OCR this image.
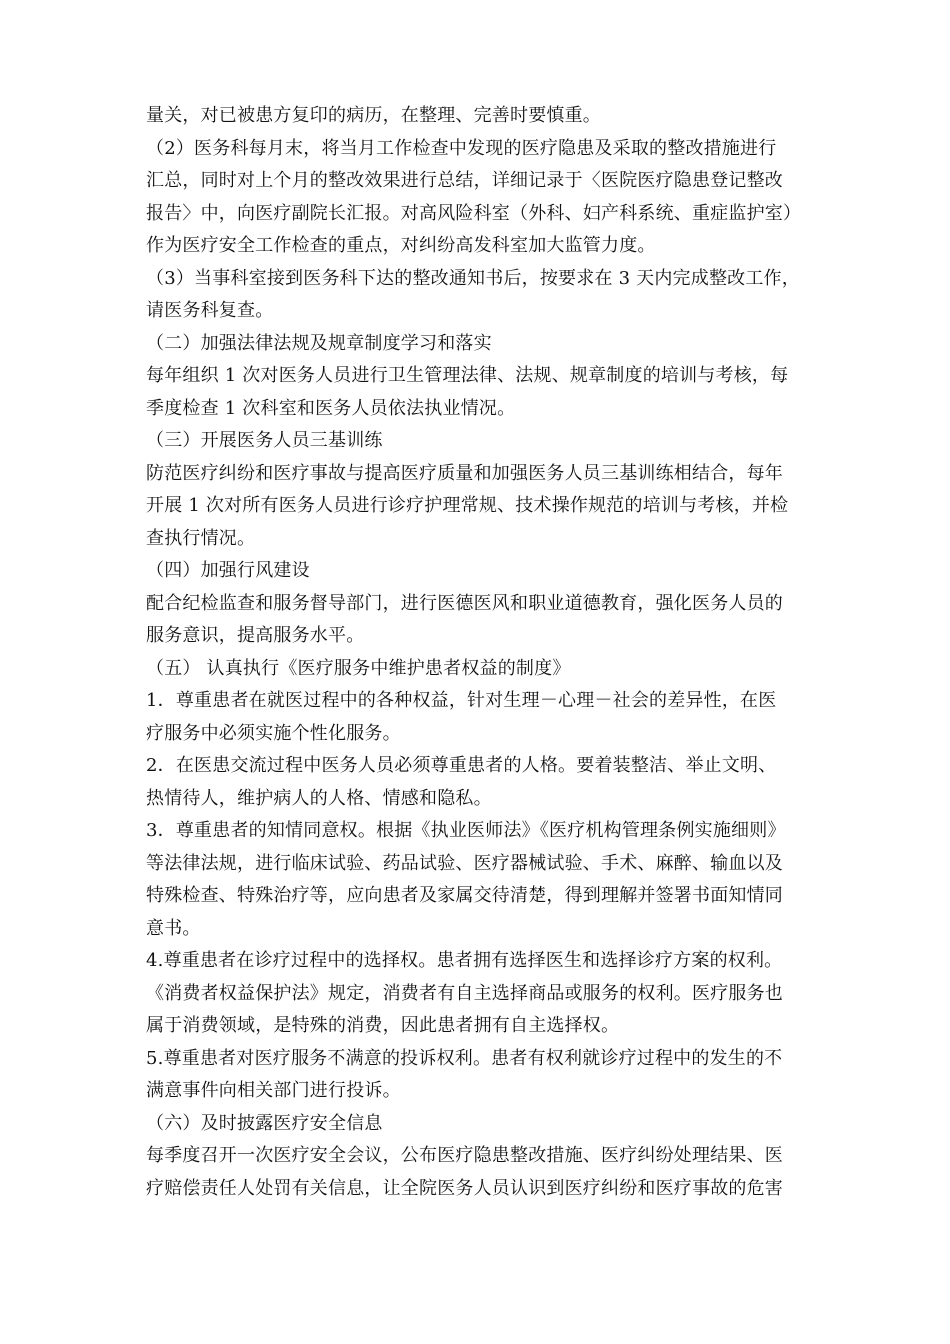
量关，对已被患方复印的病历，在整理、完善时要慎重。
（2）医务科每月末，将当月工作检查中发现的医疗隐患及采取的整改措施进行
汇总，同时对上个月的整改效果进行总结，详细记录于〈医院医疗隐患登记整改
报告〉中，向医疗副院长汇报。对高风险科室（外科、妇产科系统、重症监护室）
作为医疗安全工作检查的重点，对纠纷高发科室加大监管力度。
（3）当事科室接到医务科下达的整改通知书后，按要求在 3 天内完成整改工作，
请医务科复查。
（二）加强法律法规及规章制度学习和落实
每年组织 1 次对医务人员进行卫生管理法律、法规、规章制度的培训与考核，每
季度检查 1 次科室和医务人员依法执业情况。
（三）开展医务人员三基训练
防范医疗纠纷和医疗事故与提高医疗质量和加强医务人员三基训练相结合，每年
开展 1 次对所有医务人员进行诊疗护理常规、技术操作规范的培训与考核，并检
查执行情况。
（四）加强行风建设
配合纪检监查和服务督导部门，进行医德医风和职业道德教育，强化医务人员的
服务意识，提高服务水平。
（五） 认真执行《医疗服务中维护患者权益的制度》
1．尊重患者在就医过程中的各种权益，针对生理－心理－社会的差异性，在医
疗服务中必须实施个性化服务。
2．在医患交流过程中医务人员必须尊重患者的人格。要着装整洁、举止文明、
热情待人，维护病人的人格、情感和隐私。
3．尊重患者的知情同意权。根据《执业医师法》《医疗机构管理条例实施细则》
等法律法规，进行临床试验、药品试验、医疗器械试验、手术、麻醉、输血以及
特殊检查、特殊治疗等，应向患者及家属交待清楚，得到理解并签署书面知情同
意书。
4.尊重患者在诊疗过程中的选择权。患者拥有选择医生和选择诊疗方案的权利。
《消费者权益保护法》规定，消费者有自主选择商品或服务的权利。医疗服务也
属于消费领域，是特殊的消费，因此患者拥有自主选择权。
5.尊重患者对医疗服务不满意的投诉权利。患者有权利就诊疗过程中的发生的不
满意事件向相关部门进行投诉。
（六）及时披露医疗安全信息
每季度召开一次医疗安全会议，公布医疗隐患整改措施、医疗纠纷处理结果、医
疗赔偿责任人处罚有关信息，让全院医务人员认识到医疗纠纷和医疗事故的危害
